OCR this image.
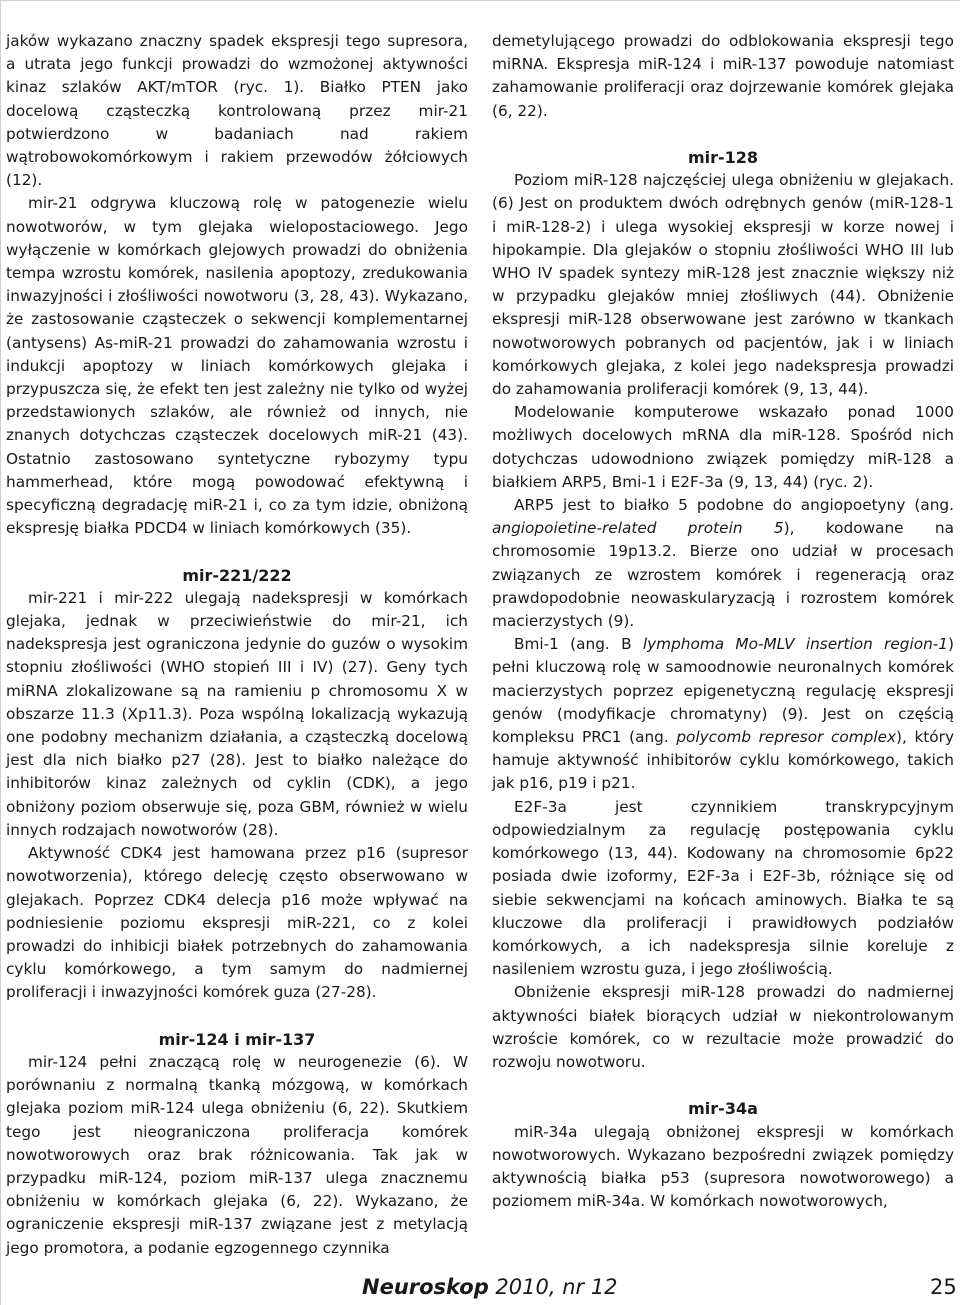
jaków wykazano znaczny spadek ekspresji tego supresora, a utrata jego funkcji prowadzi do wzmożonej aktywności kinaz szlaków AKT/mTOR (ryc. 1). Białko PTEN jako docelową cząsteczką kontrolowaną przez mir-21 potwierdzono w badaniach nad rakiem wątrobowokomórkowym i rakiem przewodów żółciowych (12).

mir-21 odgrywa kluczową rolę w patogenezie wielu nowotworów, w tym glejaka wielopostaciowego. Jego wyłączenie w komórkach glejowych prowadzi do obniżenia tempa wzrostu komórek, nasilenia apoptozy, zredukowania inwazyjności i złośliwości nowotworu (3, 28, 43). Wykazano, że zastosowanie cząsteczek o sekwencji komplementarnej (antysens) As-miR-21 prowadzi do zahamowania wzrostu i indukcji apoptozy w liniach komórkowych glejaka i przypuszcza się, że efekt ten jest zależny nie tylko od wyżej przedstawionych szlaków, ale również od innych, nie znanych dotychczas cząsteczek docelowych miR-21 (43). Ostatnio zastosowano syntetyczne rybozymy typu hammerhead, które mogą powodować efektywną i specyficzną degradację miR-21 i, co za tym idzie, obniżoną ekspresję białka PDCD4 w liniach komórkowych (35).

mir-221/222

mir-221 i mir-222 ulegają nadekspresji w komórkach glejaka, jednak w przeciwieństwie do mir-21, ich nadekspresja jest ograniczona jedynie do guzów o wysokim stopniu złośliwości (WHO stopień III i IV) (27). Geny tych miRNA zlokalizowane są na ramieniu p chromosomu X w obszarze 11.3 (Xp11.3). Poza wspólną lokalizacją wykazują one podobny mechanizm działania, a cząsteczką docelową jest dla nich białko p27 (28). Jest to białko należące do inhibitorów kinaz zależnych od cyklin (CDK), a jego obniżony poziom obserwuje się, poza GBM, również w wielu innych rodzajach nowotworów (28).

Aktywność CDK4 jest hamowana przez p16 (supresor nowotworzenia), którego delecję często obserwowano w glejakach. Poprzez CDK4 delecja p16 może wpływać na podniesienie poziomu ekspresji miR-221, co z kolei prowadzi do inhibicji białek potrzebnych do zahamowania cyklu komórkowego, a tym samym do nadmiernej proliferacji i inwazyjności komórek guza (27-28).

mir-124 i mir-137

mir-124 pełni znaczącą rolę w neurogenezie (6). W porównaniu z normalną tkanką mózgową, w komórkach glejaka poziom miR-124 ulega obniżeniu (6, 22). Skutkiem tego jest nieograniczona proliferacja komórek nowotworowych oraz brak różnicowania. Tak jak w przypadku miR-124, poziom miR-137 ulega znacznemu obniżeniu w komórkach glejaka (6, 22). Wykazano, że ograniczenie ekspresji miR-137 związane jest z metylacją jego promotora, a podanie egzogennego czynnika

demetylującego prowadzi do odblokowania ekspresji tego miRNA. Ekspresja miR-124 i miR-137 powoduje natomiast zahamowanie proliferacji oraz dojrzewanie komórek glejaka (6, 22).

mir-128

Poziom miR-128 najczęściej ulega obniżeniu w glejakach. (6) Jest on produktem dwóch odrębnych genów (miR-128-1 i miR-128-2) i ulega wysokiej ekspresji w korze nowej i hipokampie. Dla glejaków o stopniu złośliwości WHO III lub WHO IV spadek syntezy miR-128 jest znacznie większy niż w przypadku glejaków mniej złośliwych (44). Obniżenie ekspresji miR-128 obserwowane jest zarówno w tkankach nowotworowych pobranych od pacjentów, jak i w liniach komórkowych glejaka, z kolei jego nadekspresja prowadzi do zahamowania proliferacji komórek (9, 13, 44).

Modelowanie komputerowe wskazało ponad 1000 możliwych docelowych mRNA dla miR-128. Spośród nich dotychczas udowodniono związek pomiędzy miR-128 a białkiem ARP5, Bmi-1 i E2F-3a (9, 13, 44) (ryc. 2).

ARP5 jest to białko 5 podobne do angiopoetyny (ang. angiopoietine-related protein 5), kodowane na chromosomie 19p13.2. Bierze ono udział w procesach związanych ze wzrostem komórek i regeneracją oraz prawdopodobnie neowaskularyzacją i rozrostem komórek macierzystych (9).

Bmi-1 (ang. B lymphoma Mo-MLV insertion region-1) pełni kluczową rolę w samoodnowie neuronalnych komórek macierzystych poprzez epigenetyczną regulację ekspresji genów (modyfikacje chromatyny) (9). Jest on częścią kompleksu PRC1 (ang. polycomb represor complex), który hamuje aktywność inhibitorów cyklu komórkowego, takich jak p16, p19 i p21.

E2F-3a jest czynnikiem transkrypcyjnym odpowiedzialnym za regulację postępowania cyklu komórkowego (13, 44). Kodowany na chromosomie 6p22 posiada dwie izoformy, E2F-3a i E2F-3b, różniące się od siebie sekwencjami na końcach aminowych. Białka te są kluczowe dla proliferacji i prawidłowych podziałów komórkowych, a ich nadekspresja silnie koreluje z nasileniem wzrostu guza, i jego złośliwością.

Obniżenie ekspresji miR-128 prowadzi do nadmiernej aktywności białek biorących udział w niekontrolowanym wzroście komórek, co w rezultacie może prowadzić do rozwoju nowotworu.

mir-34a

miR-34a ulegają obniżonej ekspresji w komórkach nowotworowych. Wykazano bezpośredni związek pomiędzy aktywnością białka p53 (supresora nowotworowego) a poziomem miR-34a. W komórkach nowotworowych,

Neuroskop 2010, nr 12	25
